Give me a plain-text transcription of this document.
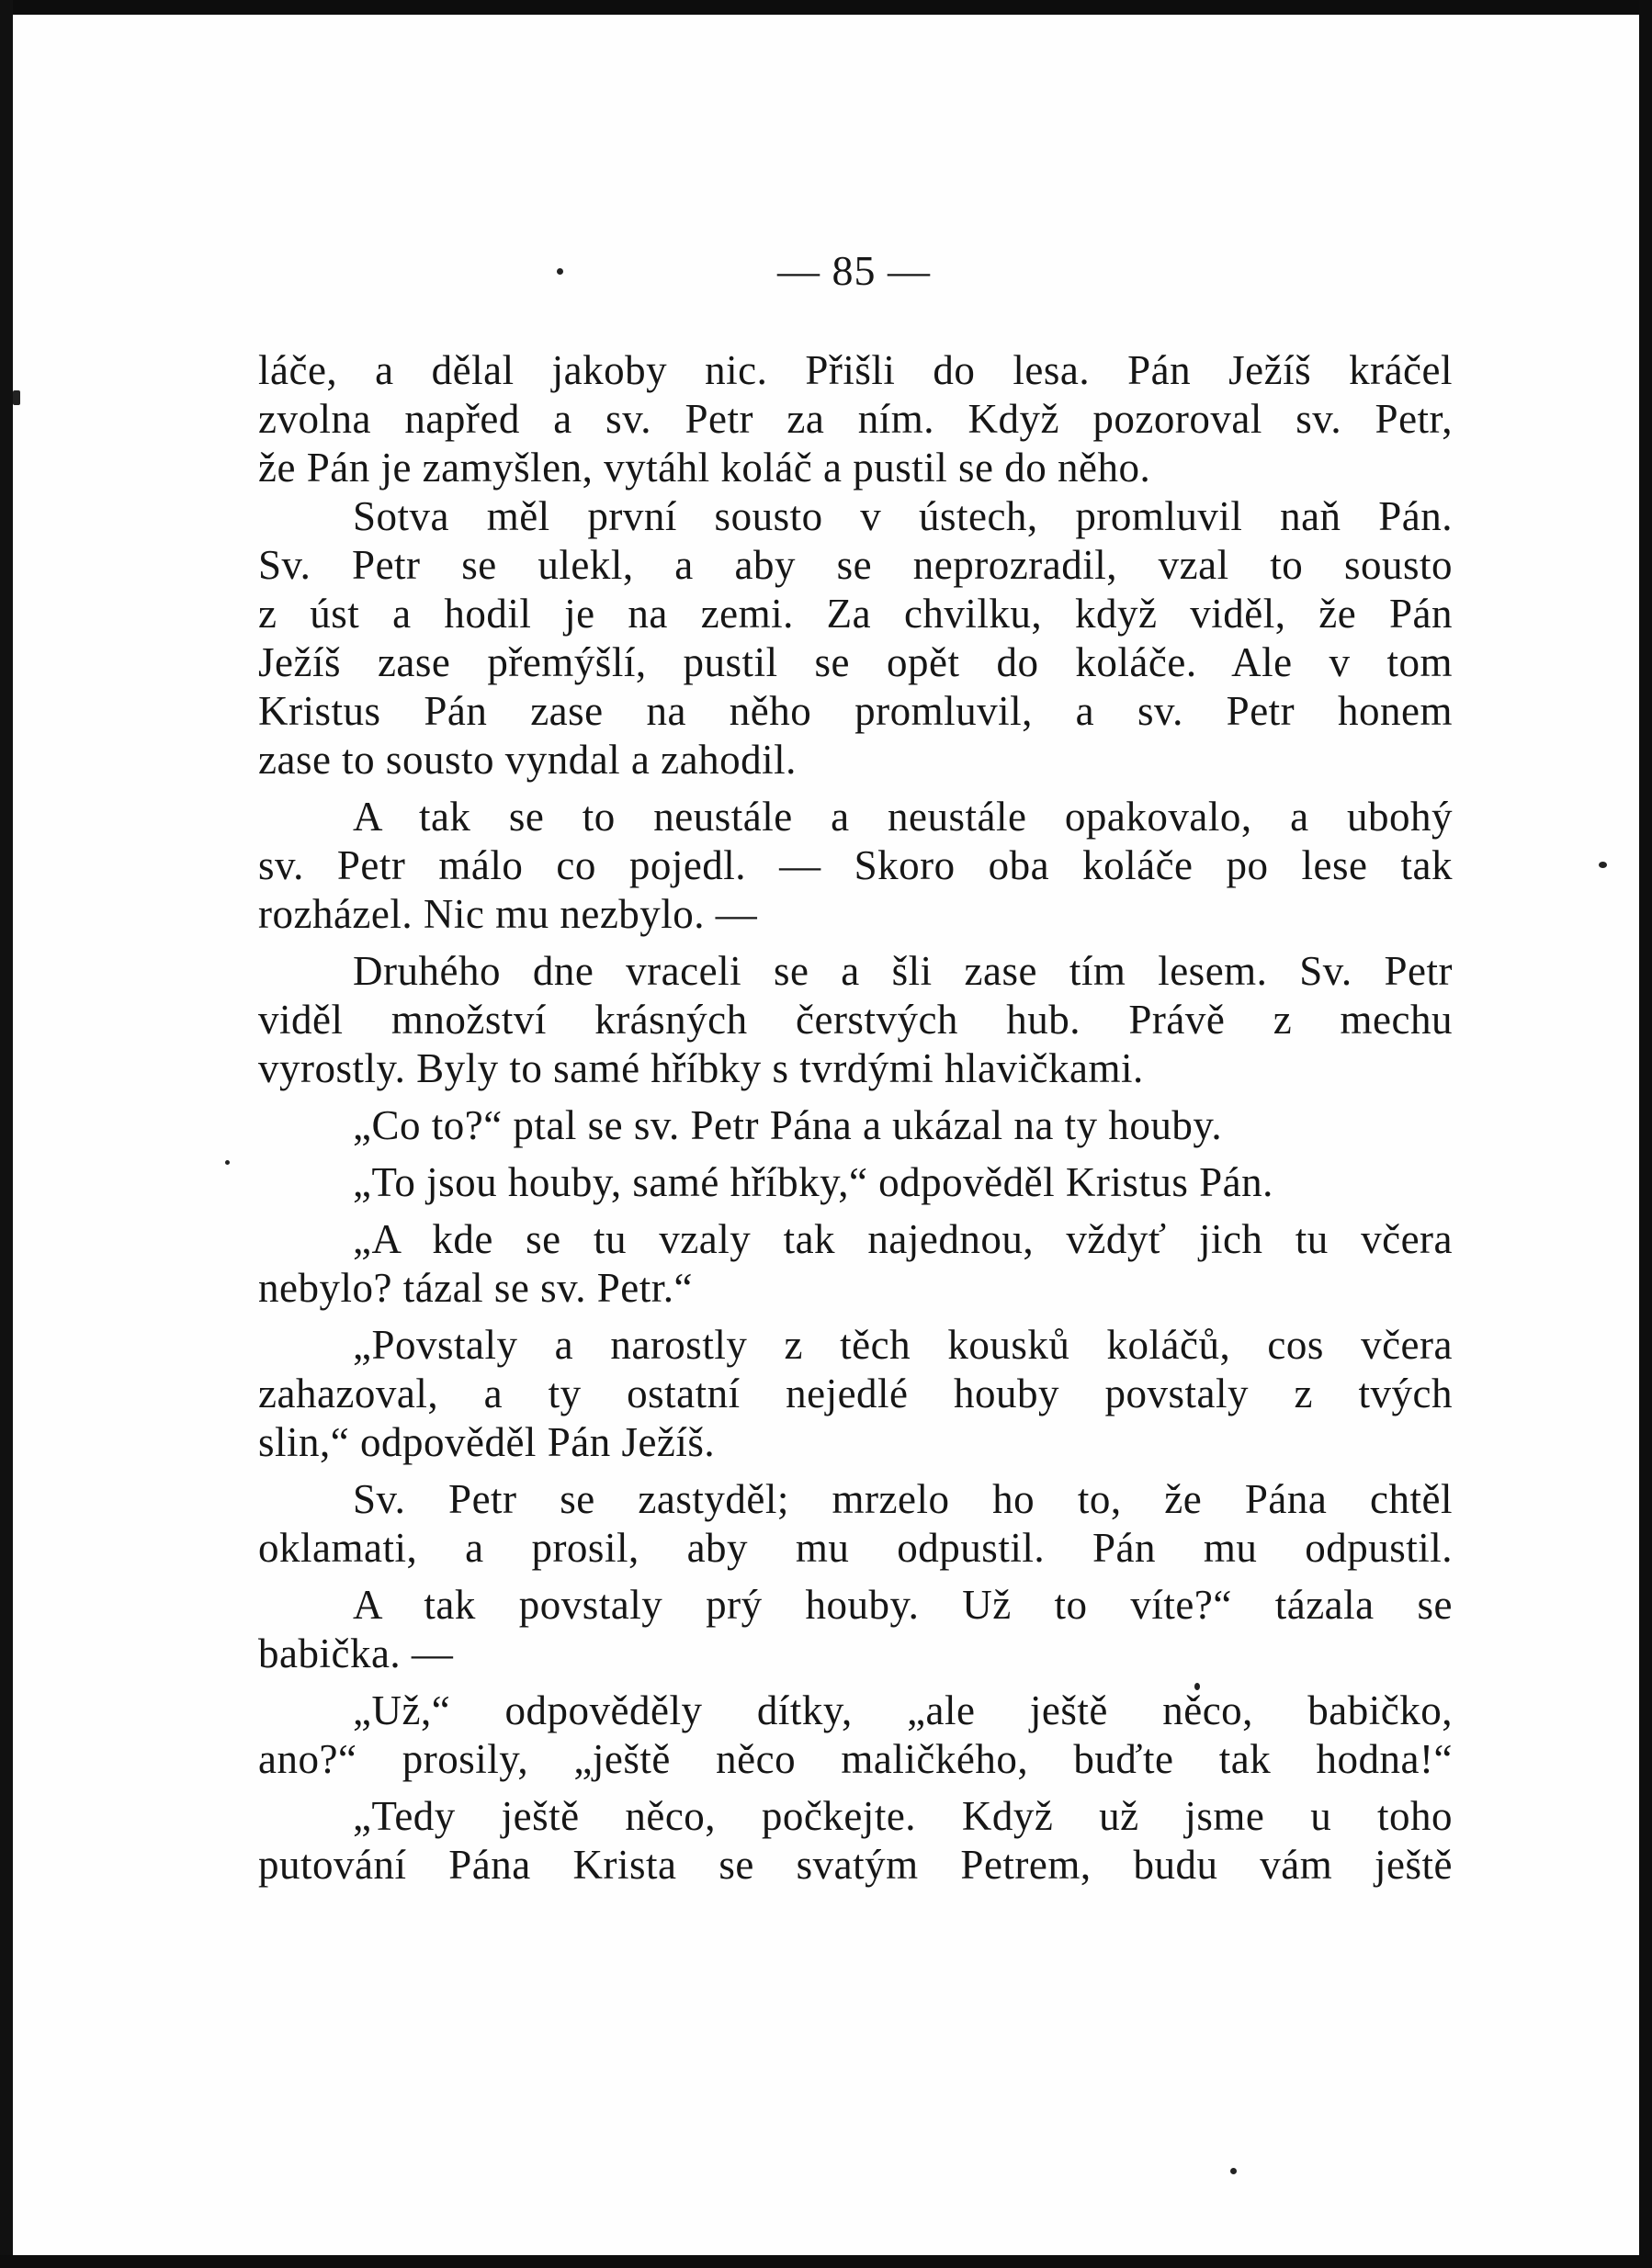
— 85 —
láče, a dělal jakoby nic. Přišli do lesa. Pán Ježíš kráčel
zvolna napřed a sv. Petr za ním. Když pozoroval sv. Petr,
že Pán je zamyšlen, vytáhl koláč a pustil se do něho.
Sotva měl první sousto v ústech, promluvil naň Pán.
Sv. Petr se ulekl, a aby se neprozradil, vzal to sousto
z úst a hodil je na zemi. Za chvilku, když viděl, že Pán
Ježíš zase přemýšlí, pustil se opět do koláče. Ale v tom
Kristus Pán zase na něho promluvil, a sv. Petr honem
zase to sousto vyndal a zahodil.
A tak se to neustále a neustále opakovalo, a ubohý
sv. Petr málo co pojedl. — Skoro oba koláče po lese tak
rozházel. Nic mu nezbylo. —
Druhého dne vraceli se a šli zase tím lesem. Sv. Petr
viděl množství krásných čerstvých hub. Právě z mechu
vyrostly. Byly to samé hříbky s tvrdými hlavičkami.
„Co to?“ ptal se sv. Petr Pána a ukázal na ty houby.
„To jsou houby, samé hříbky,“ odpověděl Kristus Pán.
„A kde se tu vzaly tak najednou, vždyť jich tu včera
nebylo? tázal se sv. Petr.“
„Povstaly a narostly z těch kousků koláčů, cos včera
zahazoval, a ty ostatní nejedlé houby povstaly z tvých
slin,“ odpověděl Pán Ježíš.
Sv. Petr se zastyděl; mrzelo ho to, že Pána chtěl
oklamati, a prosil, aby mu odpustil. Pán mu odpustil.
A tak povstaly prý houby. Už to víte?“ tázala se
babička. —
„Už,“ odpověděly dítky, „ale ještě něco, babičko,
ano?“ prosily, „ještě něco maličkého, buďte tak hodna!“
„Tedy ještě něco, počkejte. Když už jsme u toho
putování Pána Krista se svatým Petrem, budu vám ještě
